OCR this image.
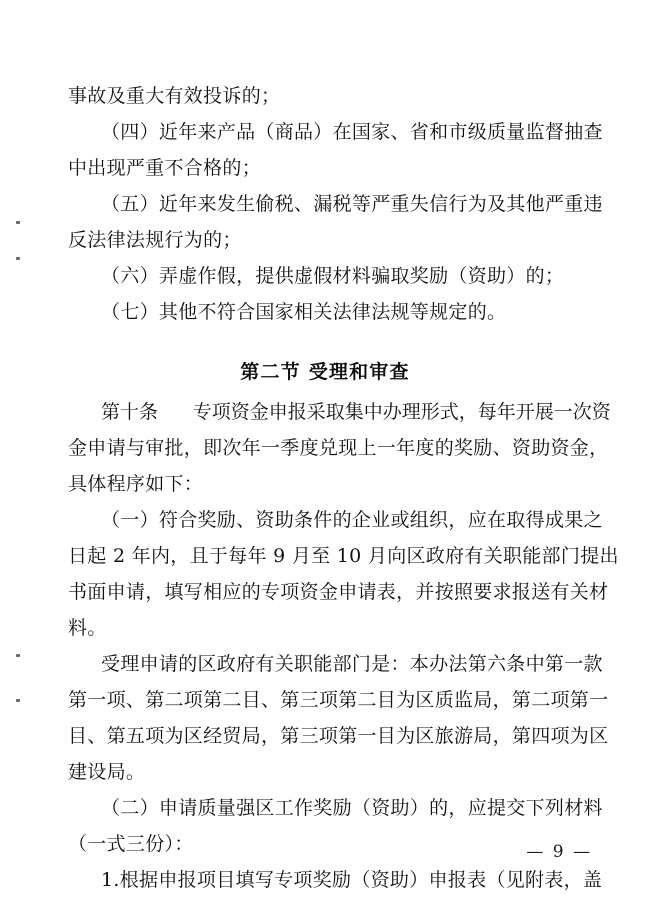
事故及重大有效投诉的；
（四）近年来产品（商品）在国家、省和市级质量监督抽查
中出现严重不合格的；
（五）近年来发生偷税、漏税等严重失信行为及其他严重违
反法律法规行为的；
（六）弄虚作假，提供虚假材料骗取奖励（资助）的；
（七）其他不符合国家相关法律法规等规定的。
第二节 受理和审查
第十条 专项资金申报采取集中办理形式，每年开展一次资
金申请与审批，即次年一季度兑现上一年度的奖励、资助资金，
具体程序如下：
（一）符合奖励、资助条件的企业或组织，应在取得成果之
日起 2 年内，且于每年 9 月至 10 月向区政府有关职能部门提出
书面申请，填写相应的专项资金申请表，并按照要求报送有关材
料。
受理申请的区政府有关职能部门是：本办法第六条中第一款
第一项、第二项第二目、第三项第二目为区质监局，第二项第一
目、第五项为区经贸局，第三项第一目为区旅游局，第四项为区
建设局。
（二）申请质量强区工作奖励（资助）的，应提交下列材料
（一式三份）：
1.根据申报项目填写专项奖励（资助）申报表（见附表，盖
— 9 —
